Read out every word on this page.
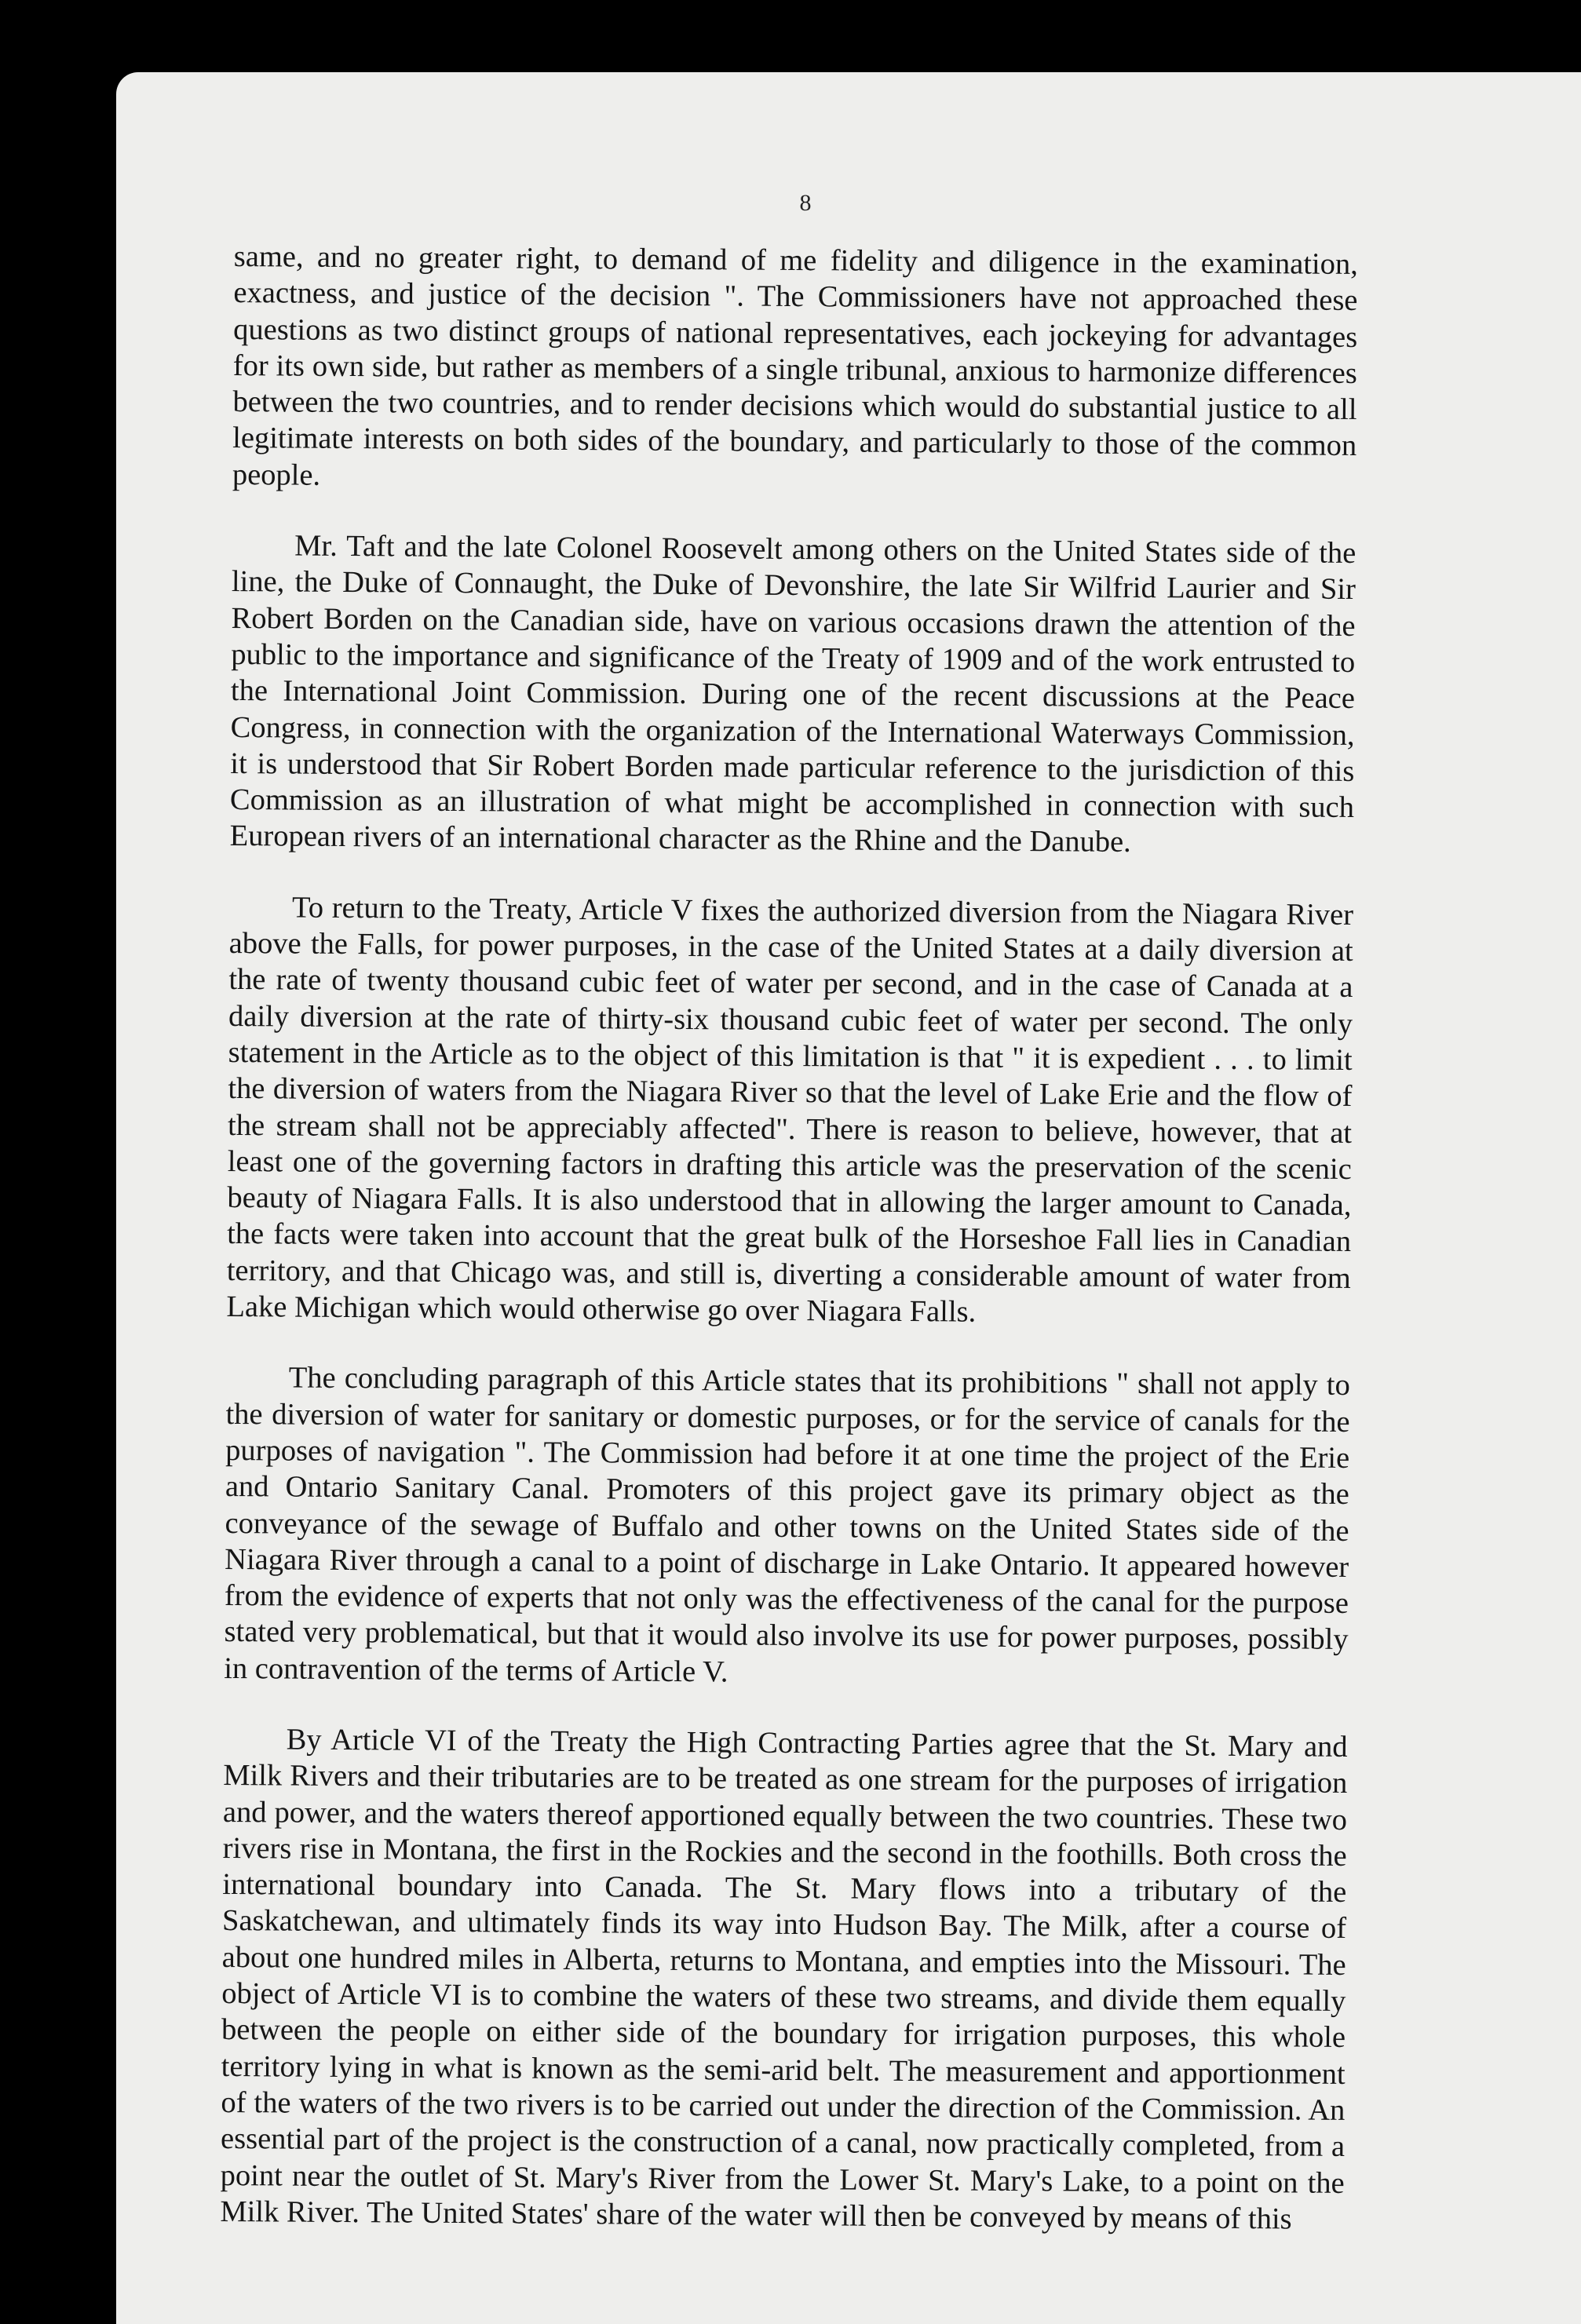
8

same, and no greater right, to demand of me fidelity and diligence in the examination, exactness, and justice of the decision ". The Commissioners have not approached these questions as two distinct groups of national representatives, each jockeying for advantages for its own side, but rather as members of a single tribunal, anxious to harmonize differences between the two countries, and to render decisions which would do substantial justice to all legitimate interests on both sides of the boundary, and particularly to those of the common people.

Mr. Taft and the late Colonel Roosevelt among others on the United States side of the line, the Duke of Connaught, the Duke of Devonshire, the late Sir Wilfrid Laurier and Sir Robert Borden on the Canadian side, have on various occasions drawn the attention of the public to the importance and significance of the Treaty of 1909 and of the work entrusted to the International Joint Commission. During one of the recent discussions at the Peace Congress, in connection with the organization of the International Waterways Commission, it is understood that Sir Robert Borden made particular reference to the jurisdiction of this Commission as an illustration of what might be accomplished in connection with such European rivers of an international character as the Rhine and the Danube.

To return to the Treaty, Article V fixes the authorized diversion from the Niagara River above the Falls, for power purposes, in the case of the United States at a daily diversion at the rate of twenty thousand cubic feet of water per second, and in the case of Canada at a daily diversion at the rate of thirty-six thousand cubic feet of water per second. The only statement in the Article as to the object of this limitation is that " it is expedient . . . to limit the diversion of waters from the Niagara River so that the level of Lake Erie and the flow of the stream shall not be appreciably affected". There is reason to believe, however, that at least one of the governing factors in drafting this article was the preservation of the scenic beauty of Niagara Falls. It is also understood that in allowing the larger amount to Canada, the facts were taken into account that the great bulk of the Horseshoe Fall lies in Canadian territory, and that Chicago was, and still is, diverting a considerable amount of water from Lake Michigan which would otherwise go over Niagara Falls.

The concluding paragraph of this Article states that its prohibitions " shall not apply to the diversion of water for sanitary or domestic purposes, or for the service of canals for the purposes of navigation ". The Commission had before it at one time the project of the Erie and Ontario Sanitary Canal. Promoters of this project gave its primary object as the conveyance of the sewage of Buffalo and other towns on the United States side of the Niagara River through a canal to a point of discharge in Lake Ontario. It appeared however from the evidence of experts that not only was the effectiveness of the canal for the purpose stated very problematical, but that it would also involve its use for power purposes, possibly in contravention of the terms of Article V.

By Article VI of the Treaty the High Contracting Parties agree that the St. Mary and Milk Rivers and their tributaries are to be treated as one stream for the purposes of irrigation and power, and the waters thereof apportioned equally between the two countries. These two rivers rise in Montana, the first in the Rockies and the second in the foothills. Both cross the international boundary into Canada. The St. Mary flows into a tributary of the Saskatchewan, and ultimately finds its way into Hudson Bay. The Milk, after a course of about one hundred miles in Alberta, returns to Montana, and empties into the Missouri. The object of Article VI is to combine the waters of these two streams, and divide them equally between the people on either side of the boundary for irrigation purposes, this whole territory lying in what is known as the semi-arid belt. The measurement and apportionment of the waters of the two rivers is to be carried out under the direction of the Commission. An essential part of the project is the construction of a canal, now practically completed, from a point near the outlet of St. Mary's River from the Lower St. Mary's Lake, to a point on the Milk River. The United States' share of the water will then be conveyed by means of this
